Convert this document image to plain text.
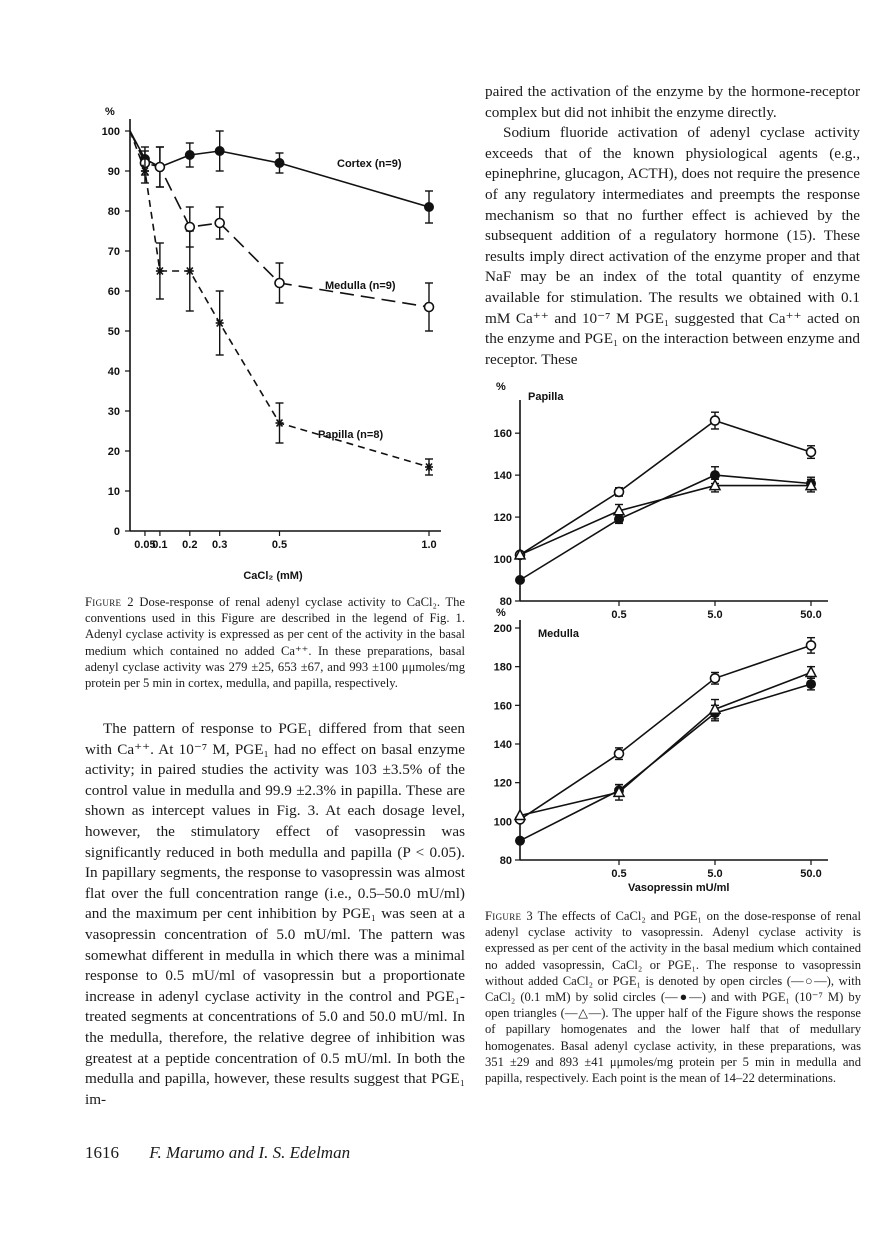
%
0
10
20
30
40
50
60
70
80
90
100
0.05
0.1 0.2 0.3	0.5	1.0
CaCl₂ (mM)
Cortex (n=9)
Medulla (n=9)
Papilla (n=8)
%
Papilla
%
Medulla
Vasopressin mU/ml
80
100
120
140
160
0.5	5.0	50.0
80
100
120
140
160
180
200
0.5	5.0	50.0
Figure 2 Dose-response of renal adenyl cyclase activity to CaCl₂. The conventions used in this Figure are described in the legend of Fig. 1. Adenyl cyclase activity is expressed as per cent of the activity in the basal medium which contained no added Ca⁺⁺. In these preparations, basal adenyl cyclase activity was 279 ±25, 653 ±67, and 993 ±100 μμmoles/mg protein per 5 min in cortex, medulla, and papilla, respectively.

The pattern of response to PGE₁ differed from that seen with Ca⁺⁺. At 10⁻⁷ M, PGE₁ had no effect on basal enzyme activity; in paired studies the activity was 103 ±3.5% of the control value in medulla and 99.9 ±2.3% in papilla. These are shown as intercept values in Fig. 3. At each dosage level, however, the stimulatory effect of vasopressin was significantly reduced in both medulla and papilla (P < 0.05). In papillary segments, the response to vasopressin was almost flat over the full concentration range (i.e., 0.5–50.0 mU/ml) and the maximum per cent inhibition by PGE₁ was seen at a vasopressin concentration of 5.0 mU/ml. The pattern was somewhat different in medulla in which there was a minimal response to 0.5 mU/ml of vasopressin but a proportionate increase in adenyl cyclase activity in the control and PGE₁-treated segments at concentrations of 5.0 and 50.0 mU/ml. In the medulla, therefore, the relative degree of inhibition was greatest at a peptide concentration of 0.5 mU/ml. In both the medulla and papilla, however, these results suggest that PGE₁ im-

paired the activation of the enzyme by the hormone-receptor complex but did not inhibit the enzyme directly.

Sodium fluoride activation of adenyl cyclase activity exceeds that of the known physiological agents (e.g., epinephrine, glucagon, ACTH), does not require the presence of any regulatory intermediates and preempts the response mechanism so that no further effect is achieved by the subsequent addition of a regulatory hormone (15). These results imply direct activation of the enzyme proper and that NaF may be an index of the total quantity of enzyme available for stimulation. The results we obtained with 0.1 mM Ca⁺⁺ and 10⁻⁷ M PGE₁ suggested that Ca⁺⁺ acted on the enzyme and PGE₁ on the interaction between enzyme and receptor. These

Figure 3 The effects of CaCl₂ and PGE₁ on the dose-response of renal adenyl cyclase activity to vasopressin. Adenyl cyclase activity is expressed as per cent of the activity in the basal medium which contained no added vasopressin, CaCl₂ or PGE₁. The response to vasopressin without added CaCl₂ or PGE₁ is denoted by open circles (—○—), with CaCl₂ (0.1 mM) by solid circles (—●—) and with PGE₁ (10⁻⁷ M) by open triangles (—△—). The upper half of the Figure shows the response of papillary homogenates and the lower half that of medullary homogenates. Basal adenyl cyclase activity, in these preparations, was 351 ±29 and 893 ±41 μμmoles/mg protein per 5 min in medulla and papilla, respectively. Each point is the mean of 14–22 determinations.
1616 F. Marumo and I. S. Edelman
